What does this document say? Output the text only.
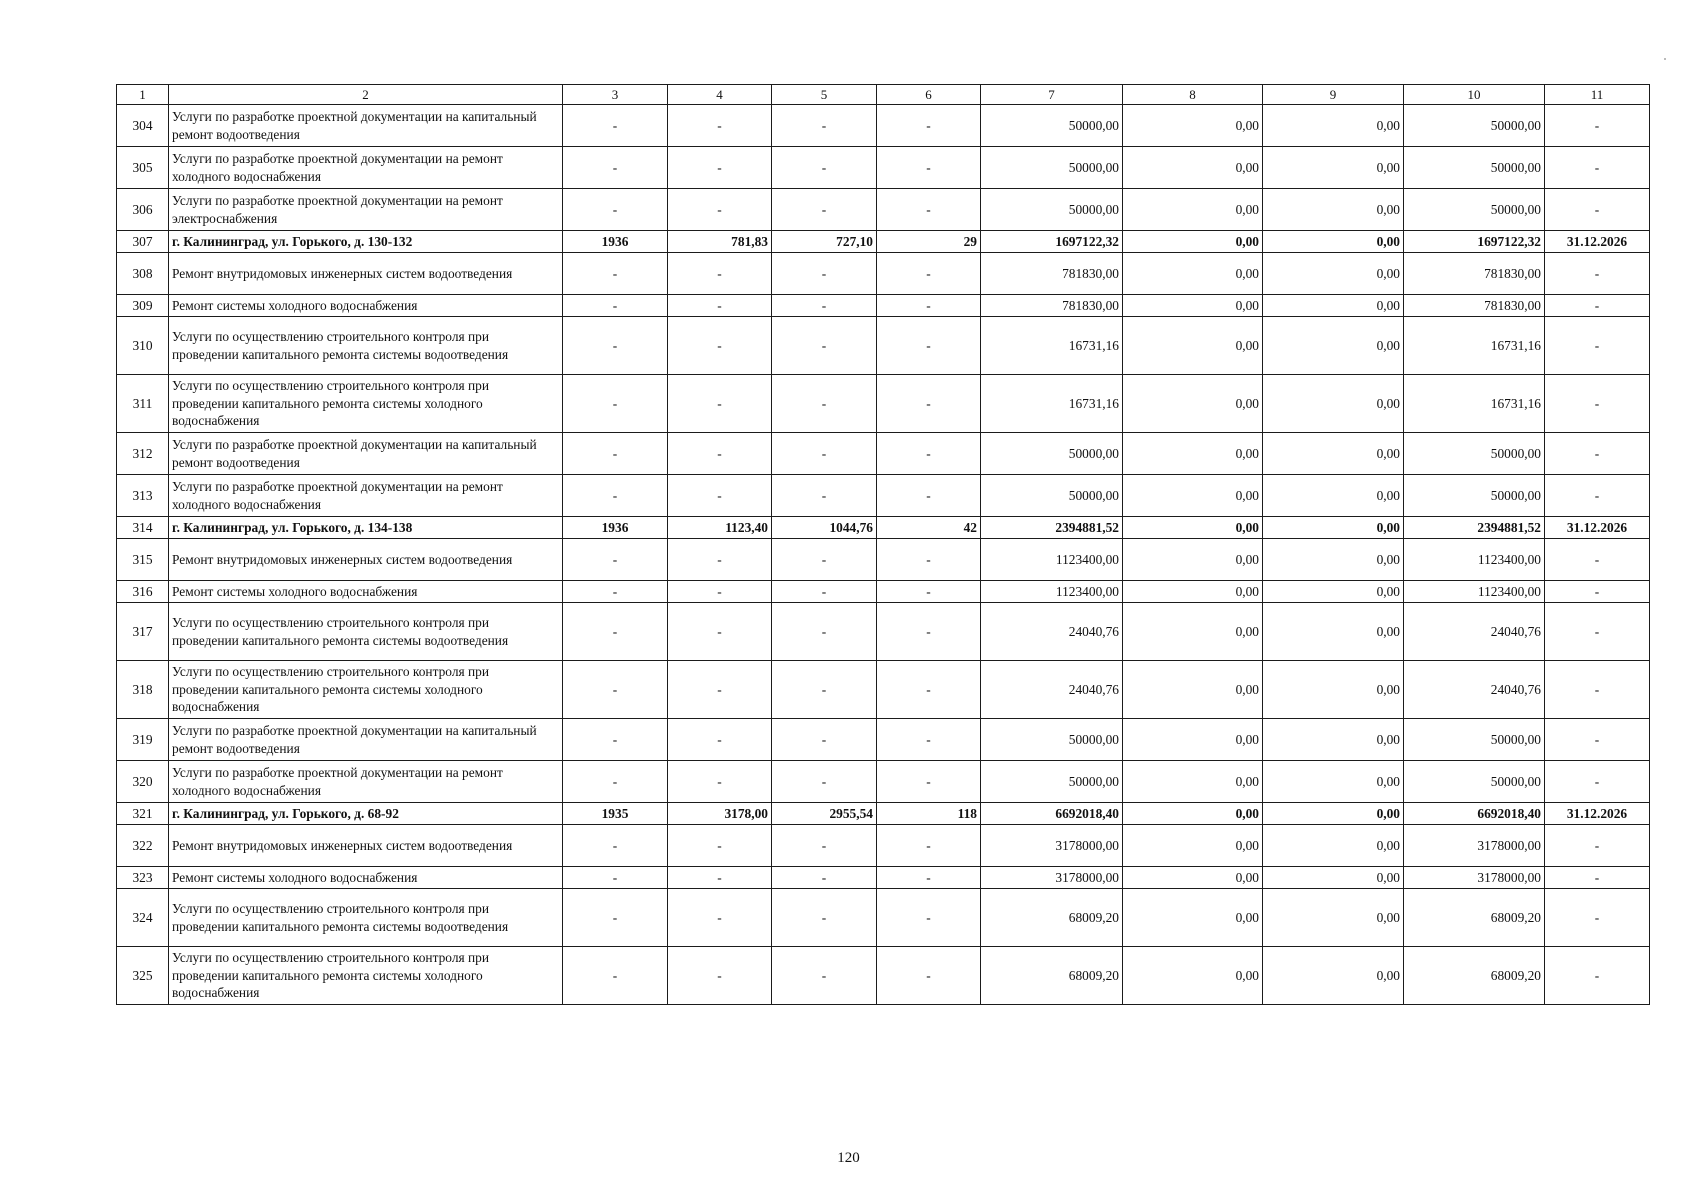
1	2	3	4	5	6	7	8	9	10	11
304	Услуги по разработке проектной документации на капитальный ремонт водоотведения	-	-	-	-	50000,00	0,00	0,00	50000,00	-
305	Услуги по разработке проектной документации на ремонт холодного водоснабжения	-	-	-	-	50000,00	0,00	0,00	50000,00	-
306	Услуги по разработке проектной документации на ремонт электроснабжения	-	-	-	-	50000,00	0,00	0,00	50000,00	-
307	г. Калининград, ул. Горького, д. 130-132	1936	781,83	727,10	29	1697122,32	0,00	0,00	1697122,32	31.12.2026
308	Ремонт внутридомовых инженерных систем водоотведения	-	-	-	-	781830,00	0,00	0,00	781830,00	-
309	Ремонт системы холодного водоснабжения	-	-	-	-	781830,00	0,00	0,00	781830,00	-
310	Услуги по осуществлению строительного контроля при проведении капитального ремонта системы водоотведения	-	-	-	-	16731,16	0,00	0,00	16731,16	-
311	Услуги по осуществлению строительного контроля при проведении капитального ремонта системы холодного водоснабжения	-	-	-	-	16731,16	0,00	0,00	16731,16	-
312	Услуги по разработке проектной документации на капитальный ремонт водоотведения	-	-	-	-	50000,00	0,00	0,00	50000,00	-
313	Услуги по разработке проектной документации на ремонт холодного водоснабжения	-	-	-	-	50000,00	0,00	0,00	50000,00	-
314	г. Калининград, ул. Горького, д. 134-138	1936	1123,40	1044,76	42	2394881,52	0,00	0,00	2394881,52	31.12.2026
315	Ремонт внутридомовых инженерных систем водоотведения	-	-	-	-	1123400,00	0,00	0,00	1123400,00	-
316	Ремонт системы холодного водоснабжения	-	-	-	-	1123400,00	0,00	0,00	1123400,00	-
317	Услуги по осуществлению строительного контроля при проведении капитального ремонта системы водоотведения	-	-	-	-	24040,76	0,00	0,00	24040,76	-
318	Услуги по осуществлению строительного контроля при проведении капитального ремонта системы холодного водоснабжения	-	-	-	-	24040,76	0,00	0,00	24040,76	-
319	Услуги по разработке проектной документации на капитальный ремонт водоотведения	-	-	-	-	50000,00	0,00	0,00	50000,00	-
320	Услуги по разработке проектной документации на ремонт холодного водоснабжения	-	-	-	-	50000,00	0,00	0,00	50000,00	-
321	г. Калининград, ул. Горького, д. 68-92	1935	3178,00	2955,54	118	6692018,40	0,00	0,00	6692018,40	31.12.2026
322	Ремонт внутридомовых инженерных систем водоотведения	-	-	-	-	3178000,00	0,00	0,00	3178000,00	-
323	Ремонт системы холодного водоснабжения	-	-	-	-	3178000,00	0,00	0,00	3178000,00	-
324	Услуги по осуществлению строительного контроля при проведении капитального ремонта системы водоотведения	-	-	-	-	68009,20	0,00	0,00	68009,20	-
325	Услуги по осуществлению строительного контроля при проведении капитального ремонта системы холодного водоснабжения	-	-	-	-	68009,20	0,00	0,00	68009,20	-
120
